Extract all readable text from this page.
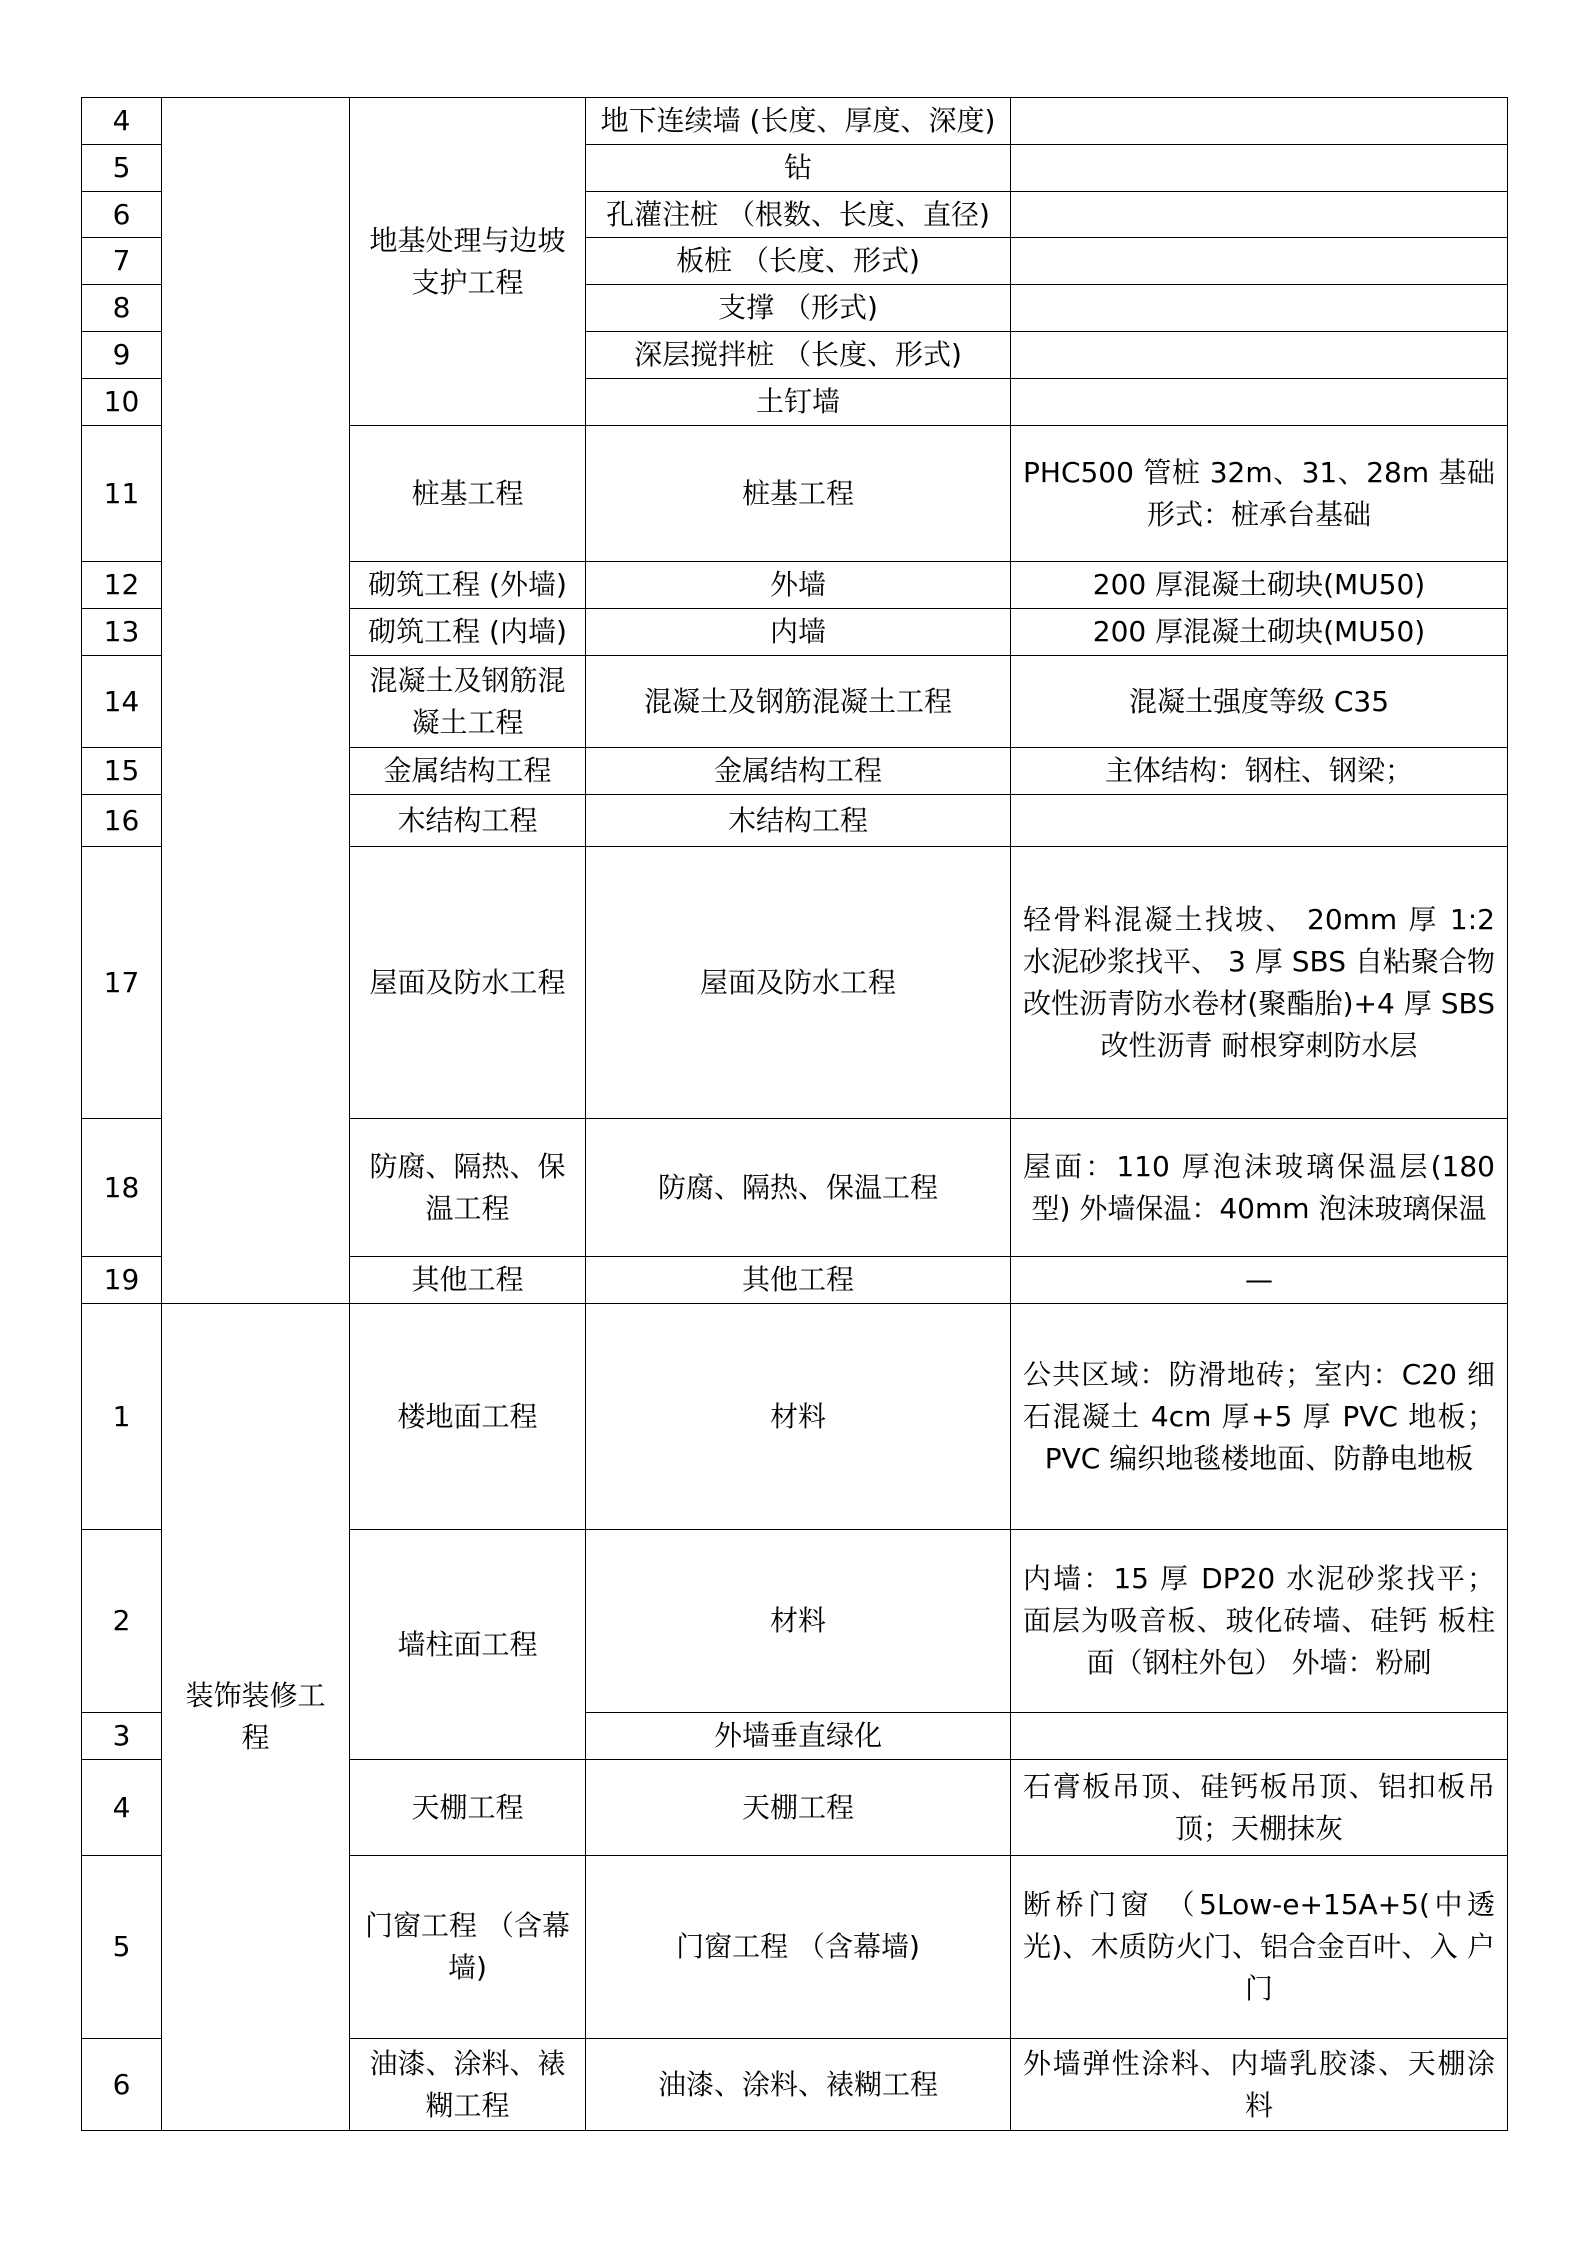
4		地基处理与边坡支护工程	地下连续墙 (长度、厚度、深度)	
5			钻	
6			孔灌注桩 （根数、长度、直径)	
7			板桩 （长度、形式)	
8			支撑 （形式)	
9			深层搅拌桩 （长度、形式)	
10			土钉墙	
11		桩基工程	桩基工程	PHC500 管桩 32m、31、28m 基础形式：桩承台基础
12		砌筑工程 (外墙)	外墙	200 厚混凝土砌块(MU50)
13		砌筑工程 (内墙)	内墙	200 厚混凝土砌块(MU50)
14		混凝土及钢筋混凝土工程	混凝土及钢筋混凝土工程	混凝土强度等级 C35
15		金属结构工程	金属结构工程	主体结构：钢柱、钢梁；
16		木结构工程	木结构工程	
17		屋面及防水工程	屋面及防水工程	轻骨料混凝土找坡、 20mm 厚 1:2 水泥砂浆找平、 3 厚 SBS 自粘聚合物改性沥青防水卷材(聚酯胎)+4 厚 SBS 改性沥青 耐根穿刺防水层
18		防腐、隔热、保温工程	防腐、隔热、保温工程	屋面：110 厚泡沫玻璃保温层(180 型) 外墙保温：40mm 泡沫玻璃保温
19		其他工程	其他工程	—
1	装饰装修工程	楼地面工程	材料	公共区域：防滑地砖；室内：C20 细石混凝土 4cm 厚+5 厚 PVC 地板； PVC 编织地毯楼地面、防静电地板
2		墙柱面工程	材料	内墙：15 厚 DP20 水泥砂浆找平；面层为吸音板、玻化砖墙、硅钙 板柱面（钢柱外包） 外墙：粉刷
3			外墙垂直绿化	
4		天棚工程	天棚工程	石膏板吊顶、硅钙板吊顶、铝扣板吊顶；天棚抹灰
5		门窗工程 （含幕墙)	门窗工程 （含幕墙)	断桥门窗 （5Low-e+15A+5(中透光)、木质防火门、铝合金百叶、入 户门
6		油漆、涂料、裱糊工程	油漆、涂料、裱糊工程	外墙弹性涂料、内墙乳胶漆、天棚涂料
